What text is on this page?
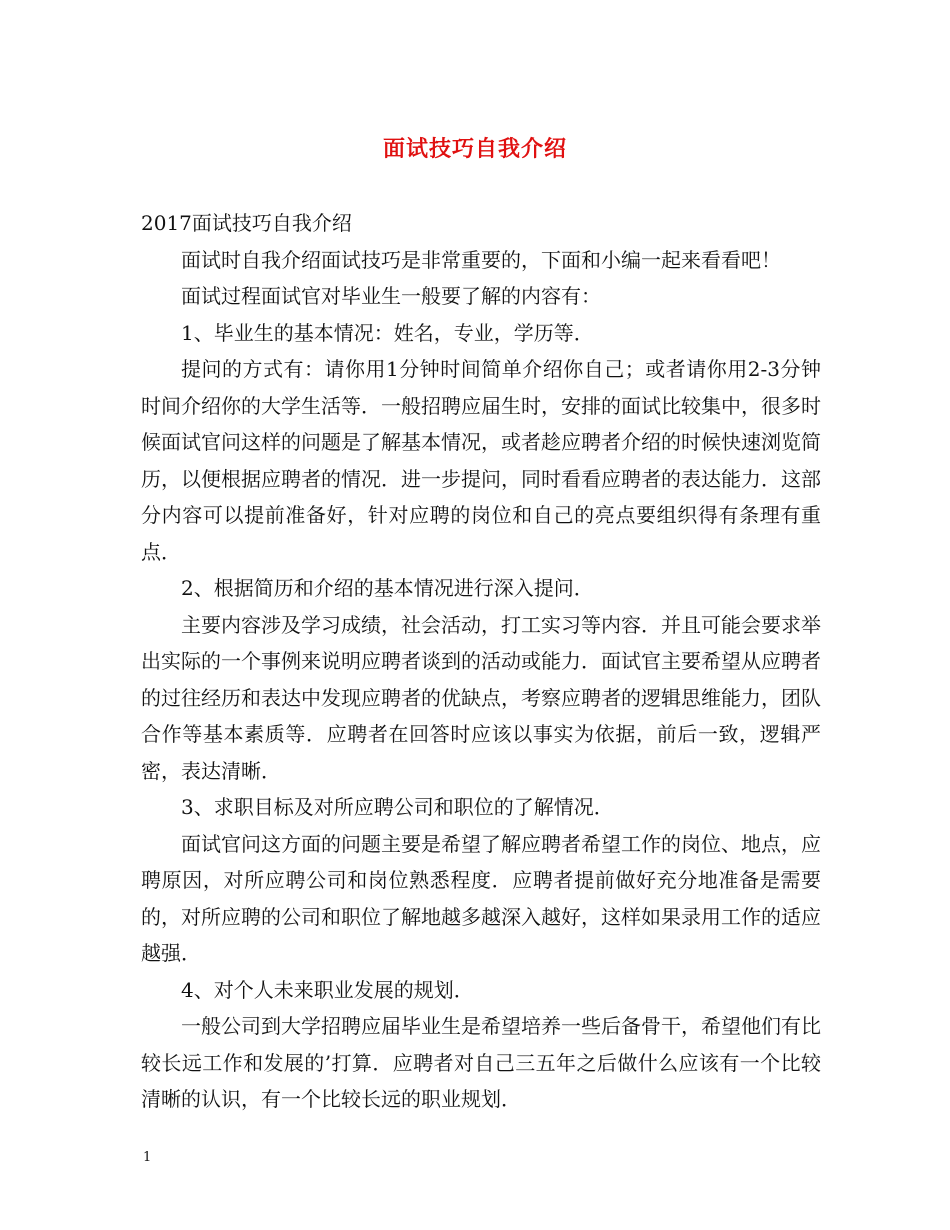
面试技巧自我介绍

2017面试技巧自我介绍

面试时自我介绍面试技巧是非常重要的，下面和小编一起来看看吧！

面试过程面试官对毕业生一般要了解的内容有：

1、毕业生的基本情况：姓名，专业，学历等．

提问的方式有：请你用1分钟时间简单介绍你自己；或者请你用2-3分钟时间介绍你的大学生活等．一般招聘应届生时，安排的面试比较集中，很多时候面试官问这样的问题是了解基本情况，或者趁应聘者介绍的时候快速浏览简历，以便根据应聘者的情况．进一步提问，同时看看应聘者的表达能力．这部分内容可以提前准备好，针对应聘的岗位和自己的亮点要组织得有条理有重点．

2、根据简历和介绍的基本情况进行深入提问．

主要内容涉及学习成绩，社会活动，打工实习等内容．并且可能会要求举出实际的一个事例来说明应聘者谈到的活动或能力．面试官主要希望从应聘者的过往经历和表达中发现应聘者的优缺点，考察应聘者的逻辑思维能力，团队合作等基本素质等．应聘者在回答时应该以事实为依据，前后一致，逻辑严密，表达清晰．

3、求职目标及对所应聘公司和职位的了解情况．

面试官问这方面的问题主要是希望了解应聘者希望工作的岗位、地点，应聘原因，对所应聘公司和岗位熟悉程度．应聘者提前做好充分地准备是需要的，对所应聘的公司和职位了解地越多越深入越好，这样如果录用工作的适应越强．

4、对个人未来职业发展的规划．

一般公司到大学招聘应届毕业生是希望培养一些后备骨干，希望他们有比较长远工作和发展的’打算．应聘者对自己三五年之后做什么应该有一个比较清晰的认识，有一个比较长远的职业规划．

1
